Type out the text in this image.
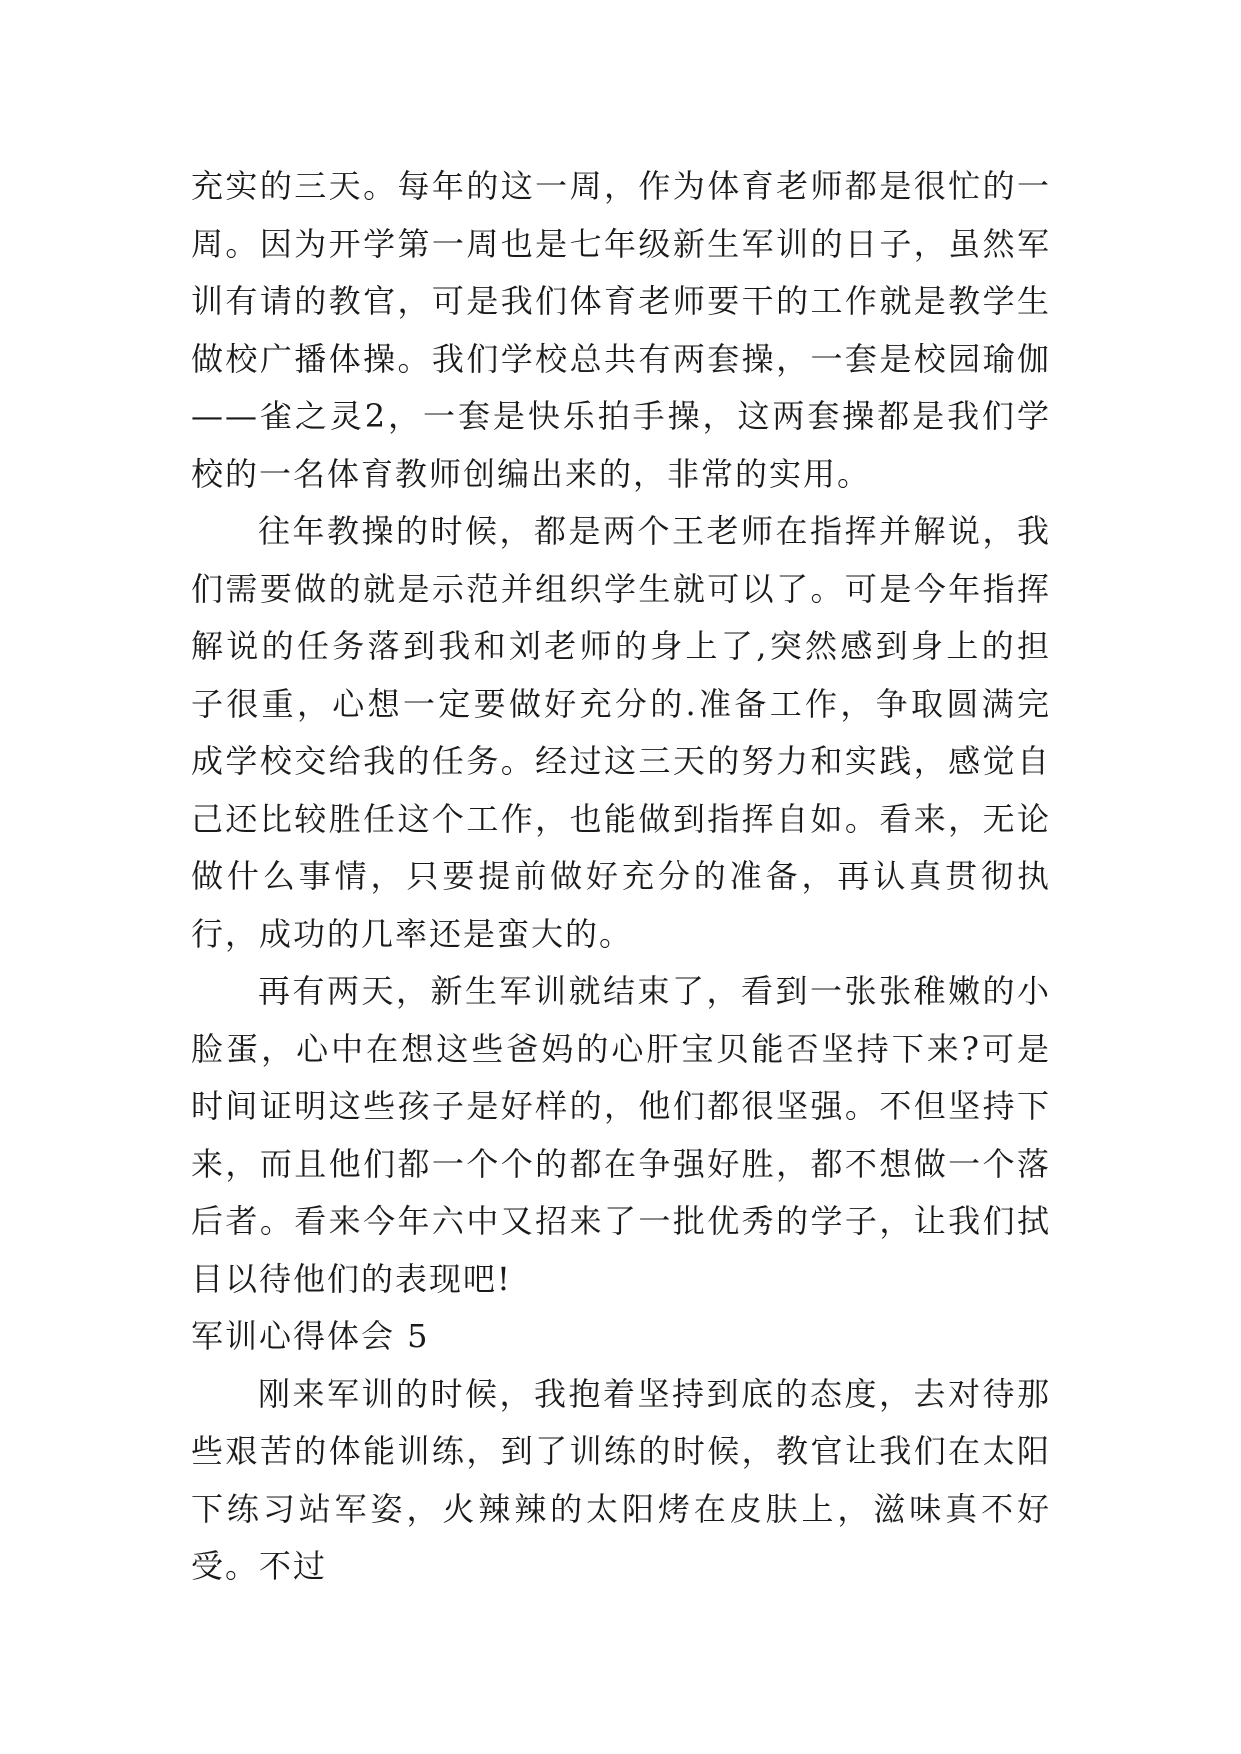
充实的三天。每年的这一周，作为体育老师都是很忙的一周。因为开学第一周也是七年级新生军训的日子，虽然军训有请的教官，可是我们体育老师要干的工作就是教学生做校广播体操。我们学校总共有两套操，一套是校园瑜伽——雀之灵2，一套是快乐拍手操，这两套操都是我们学校的一名体育教师创编出来的，非常的实用。

往年教操的时候，都是两个王老师在指挥并解说，我们需要做的就是示范并组织学生就可以了。可是今年指挥解说的任务落到我和刘老师的身上了,突然感到身上的担子很重，心想一定要做好充分的.准备工作，争取圆满完成学校交给我的任务。经过这三天的努力和实践，感觉自己还比较胜任这个工作，也能做到指挥自如。看来，无论做什么事情，只要提前做好充分的准备，再认真贯彻执行，成功的几率还是蛮大的。

再有两天，新生军训就结束了，看到一张张稚嫩的小脸蛋，心中在想这些爸妈的心肝宝贝能否坚持下来?可是时间证明这些孩子是好样的，他们都很坚强。不但坚持下来，而且他们都一个个的都在争强好胜，都不想做一个落后者。看来今年六中又招来了一批优秀的学子，让我们拭目以待他们的表现吧!

军训心得体会 5

刚来军训的时候，我抱着坚持到底的态度，去对待那些艰苦的体能训练，到了训练的时候，教官让我们在太阳下练习站军姿，火辣辣的太阳烤在皮肤上，滋味真不好受。不过
